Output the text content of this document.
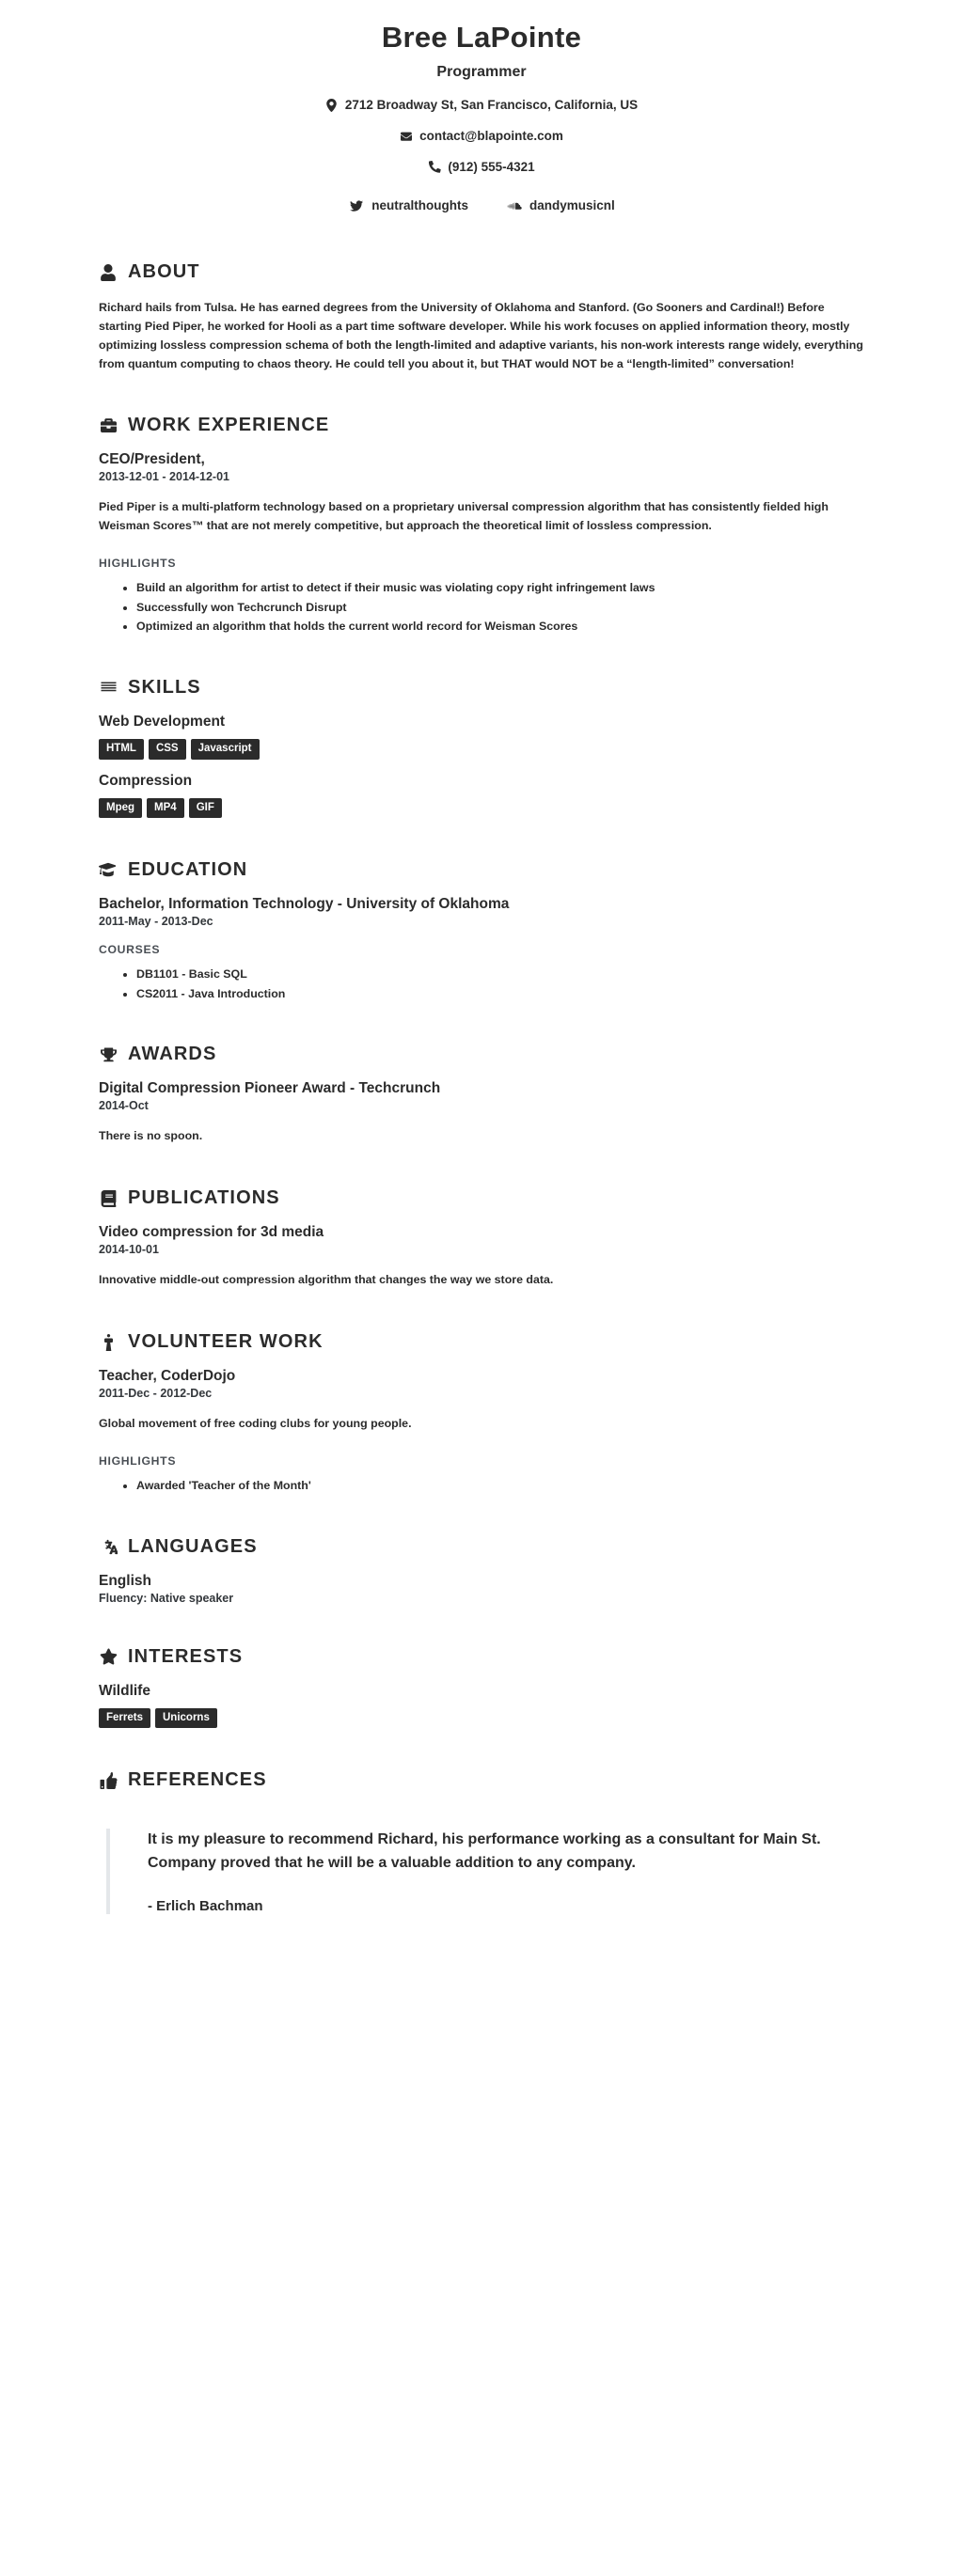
Bree LaPointe
Programmer
2712 Broadway St, San Francisco, California, US
contact@blapointe.com
(912) 555-4321
neutralthoughts	dandymusicnl
ABOUT

Richard hails from Tulsa. He has earned degrees from the University of Oklahoma and Stanford. (Go Sooners and Cardinal!) Before starting Pied Piper, he worked for Hooli as a part time software developer. While his work focuses on applied information theory, mostly optimizing lossless compression schema of both the length-limited and adaptive variants, his non-work interests range widely, everything from quantum computing to chaos theory. He could tell you about it, but THAT would NOT be a “length-limited” conversation!

WORK EXPERIENCE
CEO/President,
2013-12-01 - 2014-12-01

Pied Piper is a multi-platform technology based on a proprietary universal compression algorithm that has consistently fielded high Weisman Scores™ that are not merely competitive, but approach the theoretical limit of lossless compression.

HIGHLIGHTS
• Build an algorithm for artist to detect if their music was violating copy right infringement laws
• Successfully won Techcrunch Disrupt
• Optimized an algorithm that holds the current world record for Weisman Scores
SKILLS
Web Development
HTML	CSS	Javascript
Compression
Mpeg	MP4	GIF
EDUCATION
Bachelor, Information Technology - University of Oklahoma
2011-May - 2013-Dec
COURSES
• DB1101 - Basic SQL
• CS2011 - Java Introduction
AWARDS
Digital Compression Pioneer Award - Techcrunch
2014-Oct

There is no spoon.

PUBLICATIONS
Video compression for 3d media
2014-10-01

Innovative middle-out compression algorithm that changes the way we store data.

VOLUNTEER WORK
Teacher, CoderDojo
2011-Dec - 2012-Dec

Global movement of free coding clubs for young people.

HIGHLIGHTS
• Awarded 'Teacher of the Month'
LANGUAGES
English
Fluency: Native speaker
INTERESTS
Wildlife
Ferrets	Unicorns
REFERENCES

It is my pleasure to recommend Richard, his performance working as a consultant for Main St. Company proved that he will be a valuable addition to any company.

- Erlich Bachman
